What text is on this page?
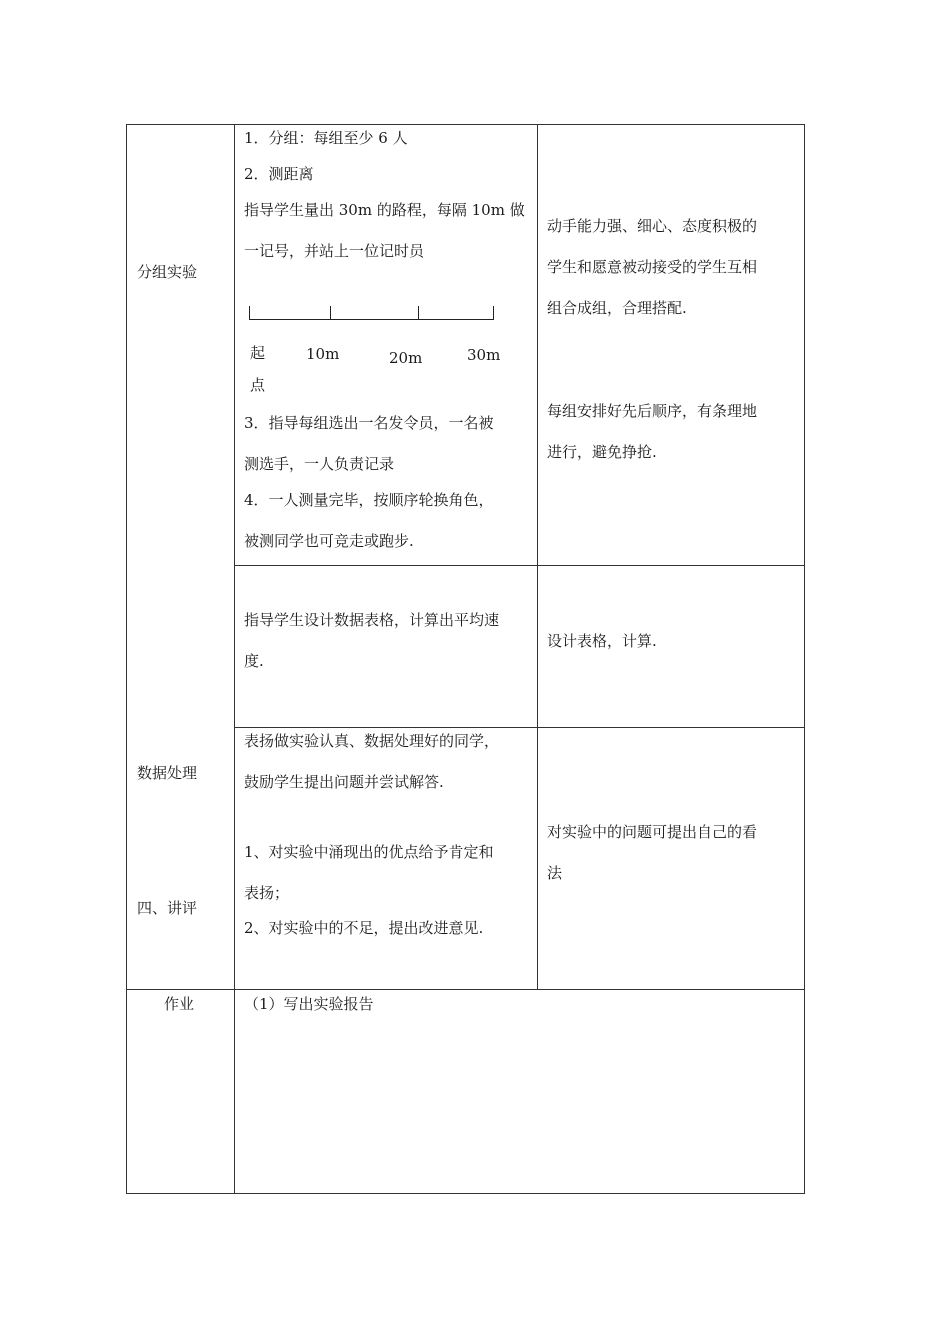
分组实验
数据处理
四、讲评
作业
1．分组：每组至少 6 人
2．测距离
指导学生量出 30m 的路程，每隔 10m 做
一记号，并站上一位记时员
起
点
10m	20m	30m
3．指导每组选出一名发令员，一名被
测选手，一人负责记录
4．一人测量完毕，按顺序轮换角色，
被测同学也可竞走或跑步.
指导学生设计数据表格，计算出平均速
度.
表扬做实验认真、数据处理好的同学，
鼓励学生提出问题并尝试解答.
1、对实验中涌现出的优点给予肯定和
表扬；
2、对实验中的不足，提出改进意见.
动手能力强、细心、态度积极的
学生和愿意被动接受的学生互相
组合成组，合理搭配.
每组安排好先后顺序，有条理地
进行，避免挣抢.
设计表格，计算.
对实验中的问题可提出自己的看
法
（1）写出实验报告
